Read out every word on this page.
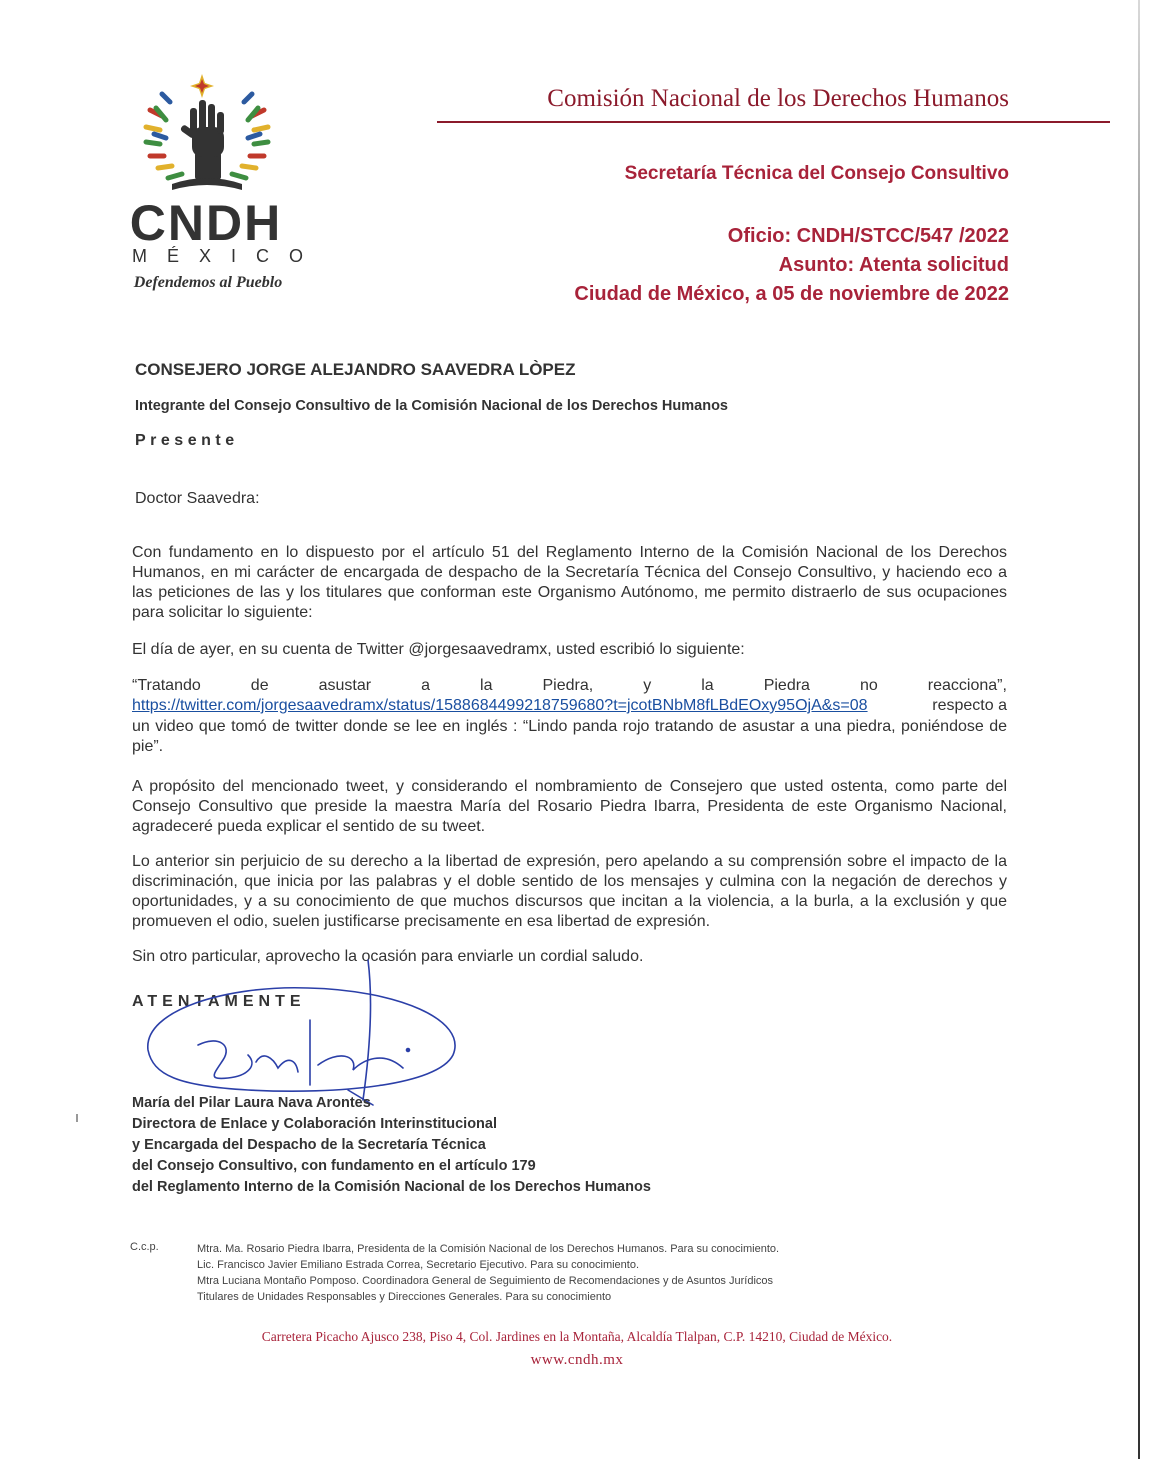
CNDH
MÉXICO
Defendemos al Pueblo
Comisión Nacional de los Derechos Humanos
Secretaría Técnica del Consejo Consultivo
Oficio: CNDH/STCC/547 /2022
Asunto: Atenta solicitud
Ciudad de México, a 05 de noviembre de 2022
CONSEJERO JORGE ALEJANDRO SAAVEDRA LÒPEZ
Integrante del Consejo Consultivo de la Comisión Nacional de los Derechos Humanos
Presente
Doctor Saavedra:

Con fundamento en lo dispuesto por el artículo 51 del Reglamento Interno de la Comisión Nacional de los Derechos Humanos, en mi carácter de encargada de despacho de la Secretaría Técnica del Consejo Consultivo, y haciendo eco a las peticiones de las y los titulares que conforman este Organismo Autónomo, me permito distraerlo de sus ocupaciones para solicitar lo siguiente:

El día de ayer, en su cuenta de Twitter @jorgesaavedramx, usted escribió lo siguiente:

“Tratando	de	asustar	a	la	Piedra,	y	la	Piedra	no	reacciona”,
https://twitter.com/jorgesaavedramx/status/1588684499218759680?t=jcotBNbM8fLBdEOxy95OjA&s=08	respecto a

un video que tomó de twitter donde se lee en inglés : “Lindo panda rojo tratando de asustar a una piedra, poniéndose de pie”.

A propósito del mencionado tweet, y considerando el nombramiento de Consejero que usted ostenta, como parte del Consejo Consultivo que preside la maestra María del Rosario Piedra Ibarra, Presidenta de este Organismo Nacional, agradeceré pueda explicar el sentido de su tweet.

Lo anterior sin perjuicio de su derecho a la libertad de expresión, pero apelando a su comprensión sobre el impacto de la discriminación, que inicia por las palabras y el doble sentido de los mensajes y culmina con la negación de derechos y oportunidades, y a su conocimiento de que muchos discursos que incitan a la violencia, a la burla, a la exclusión y que promueven el odio, suelen justificarse precisamente en esa libertad de expresión.

Sin otro particular, aprovecho la ocasión para enviarle un cordial saludo.

ATENTAMENTE
María del Pilar Laura Nava Arontes
Directora de Enlace y Colaboración Interinstitucional
y Encargada del Despacho de la Secretaría Técnica
del Consejo Consultivo, con fundamento en el artículo 179
del Reglamento Interno de la Comisión Nacional de los Derechos Humanos
C.c.p.	Mtra. Ma. Rosario Piedra Ibarra, Presidenta de la Comisión Nacional de los Derechos Humanos. Para su conocimiento.
Lic. Francisco Javier Emiliano Estrada Correa, Secretario Ejecutivo. Para su conocimiento.
Mtra Luciana Montaño Pomposo. Coordinadora General de Seguimiento de Recomendaciones y de Asuntos Jurídicos
Titulares de Unidades Responsables y Direcciones Generales. Para su conocimiento
Carretera Picacho Ajusco 238, Piso 4, Col. Jardines en la Montaña, Alcaldía Tlalpan, C.P. 14210, Ciudad de México.
www.cndh.mx
